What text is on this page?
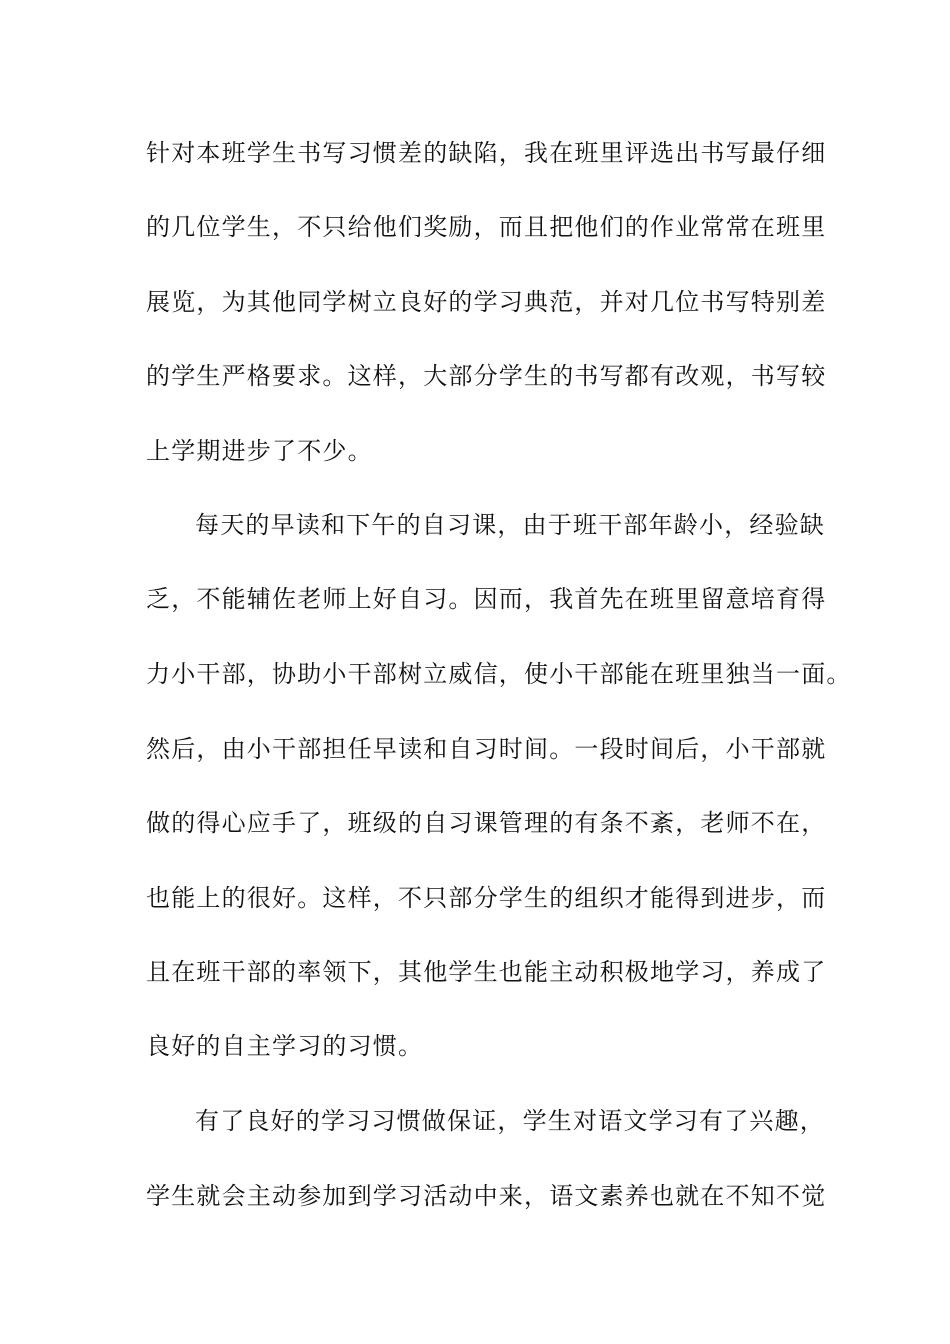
针对本班学生书写习惯差的缺陷，我在班里评选出书写最仔细
的几位学生，不只给他们奖励，而且把他们的作业常常在班里
展览，为其他同学树立良好的学习典范，并对几位书写特别差
的学生严格要求。这样，大部分学生的书写都有改观，书写较
上学期进步了不少。
每天的早读和下午的自习课，由于班干部年龄小，经验缺
乏，不能辅佐老师上好自习。因而，我首先在班里留意培育得
力小干部，协助小干部树立威信，使小干部能在班里独当一面。
然后，由小干部担任早读和自习时间。一段时间后，小干部就
做的得心应手了，班级的自习课管理的有条不紊，老师不在，
也能上的很好。这样，不只部分学生的组织才能得到进步，而
且在班干部的率领下，其他学生也能主动积极地学习，养成了
良好的自主学习的习惯。
有了良好的学习习惯做保证，学生对语文学习有了兴趣，
学生就会主动参加到学习活动中来，语文素养也就在不知不觉
